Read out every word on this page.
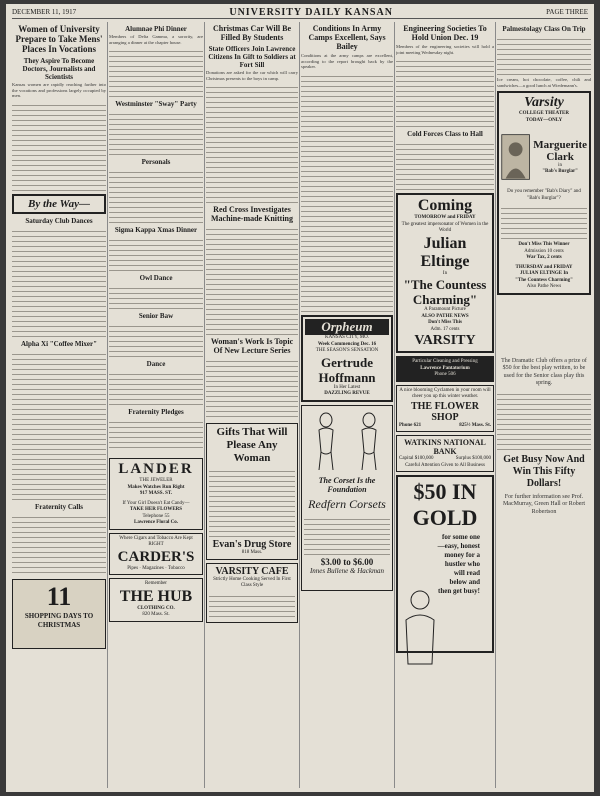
DECEMBER 11, 1917	UNIVERSITY DAILY KANSAN	PAGE THREE
Women of University Prepare to Take Mens' Places In Vocations
They Aspire To Become Doctors, Journalists and Scientists

Kansas women are rapidly reaching farther into the vocations and professions largely occupied by men.

By the Way—
Saturday Club Dances
Alpha Xi "Coffee Mixer"
Fraternity Calls
11
SHOPPING DAYS TO CHRISTMAS
Alumnae Phi Dinner

Members of Delta Gamma, a sorority, are arranging a dinner at the chapter house.

Westminster "Sway" Party
Personals
Sigma Kappa Xmas Dinner
Owl Dance
Senior Baw
Dance
Fraternity Pledges
LANDER
THE JEWELER
Makes Watches Run Right
917 MASS. ST.
If Your Girl Doesn't Eat Candy—
TAKE HER FLOWERS
Telephone 55
Lawrence Floral Co.
Where Cigars and Tobacco Are Kept RIGHT
CARDER'S
Pipes · Magazines · Tobacco
Remember
THE HUB
CLOTHING CO.
820 Mass. St.
Christmas Car Will Be Filled By Students
State Officers Join Lawrence Citizens In Gift to Soldiers at Fort Sill

Donations are asked for the car which will carry Christmas presents to the boys in camp.

Red Cross Investigates Machine-made Knitting
Woman's Work Is Topic Of New Lecture Series
Gifts That Will Please Any Woman
Evan's Drug Store
818 Mass.
VARSITY CAFE
Strictly Home Cooking Served In First Class Style
Conditions In Army Camps Excellent, Says Bailey

Conditions at the army camps are excellent, according to the report brought back by the speaker.

Orpheum
KANSAS CITY, MO.
Week Commencing Dec. 16
THE SEASON'S SENSATION
Gertrude Hoffmann
In Her Latest
DAZZLING REVUE
The Corset Is the Foundation
Redfern Corsets
$3.00 to $6.00
Innes Bullene & Hackman
Engineering Societies To Hold Union Dec. 19

Members of the engineering societies will hold a joint meeting Wednesday night.

Cold Forces Class to Hall
Coming
TOMORROW and FRIDAY
The greatest impersonator of Women in the World
Julian Eltinge
In
"The Countess Charming"
A Paramount Picture
ALSO PATHE NEWS
Don't Miss This
Adm. 17 cents
VARSITY
Particular Cleaning and Pressing
Lawrence Pantatorium
Phone 506
A nice blooming Cyclamen in your room will cheer you up this winter weather.
THE FLOWER SHOP
Phone 621	825½ Mass. St.
WATKINS NATIONAL BANK
Capital $100,000	Surplus $100,000
Careful Attention Given to All Business
$50 IN GOLD
for some one—easy, honest money for a hustler who will read below and then get busy!
Palmestolagy Class On Trip

Ice cream, hot chocolate, coffee, chili and sandwiches—a good lunch at Wiedemann's.

Varsity
COLLEGE THEATER
TODAY—ONLY
Marguerite Clark
in
"Bab's Burglar"
Do you remember "Bab's Diary" and "Bab's Burglar"?
Don't Miss This Winner
Admission 10 cents
War Tax, 2 cents
THURSDAY and FRIDAY
JULIAN ELTINGE In
"The Countess Charming"
Also Pathe News

The Dramatic Club offers a prize of $50 for the best play written, to be used for the Senior class play this spring.

Get Busy Now And Win This Fifty Dollars!

For further information see Prof. MacMurray, Green Hall or Robert Robertson
